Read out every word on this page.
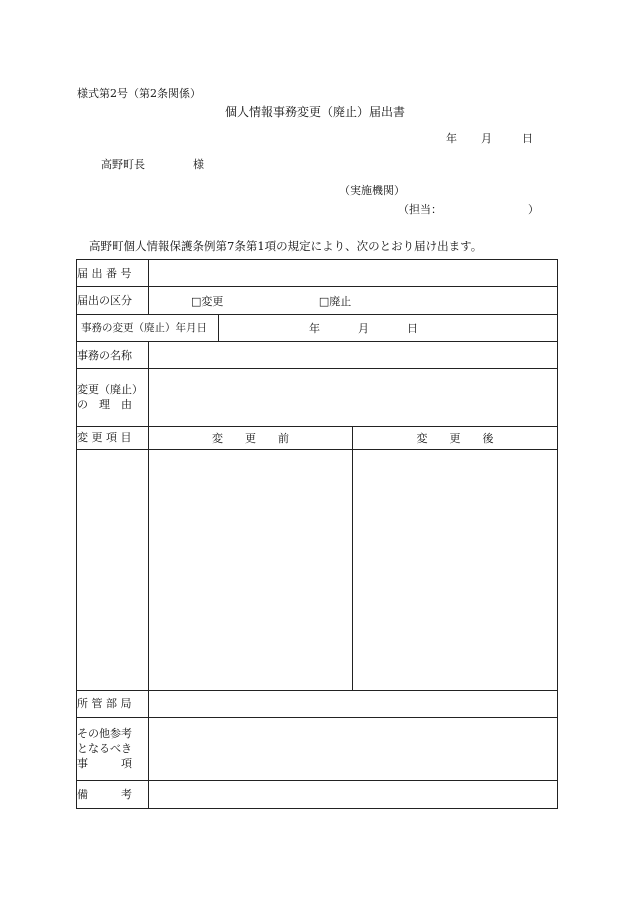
様式第2号（第2条関係）
個人情報事務変更（廃止）届出書
年 月	日
高野町長	様
（実施機関）
（担当：	）
高野町個人情報保護条例第7条第1項の規定により、次のとおり届け出ます。
届 出 番 号			
届出の区分	□変更 □廃止		
事務の変更（廃止）年月日		年 月 日	
事務の名称			

変更（廃止）
の　理　由			

変 更 項 目	変　　更　　前		変　　更　　後

所 管 部 局			

その他参考
となるべき
事　　　項			

備　　　考			
